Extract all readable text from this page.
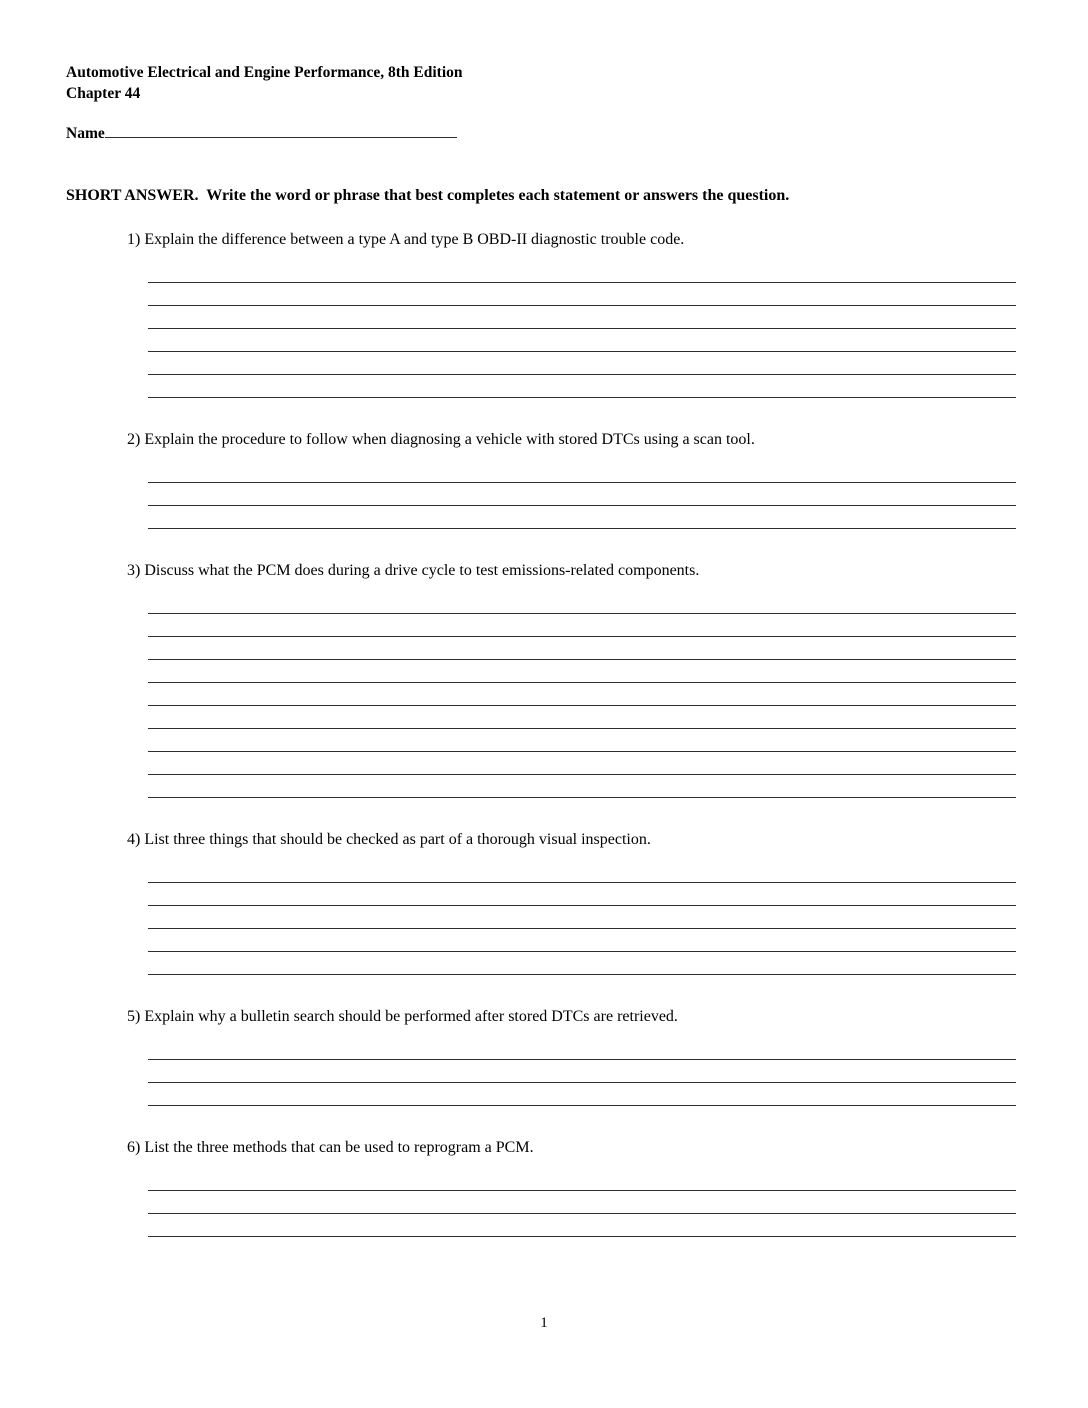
Automotive Electrical and Engine Performance, 8th Edition
Chapter 44
Name
SHORT ANSWER.  Write the word or phrase that best completes each statement or answers the question.
1) Explain the difference between a type A and type B OBD-II diagnostic trouble code.
2) Explain the procedure to follow when diagnosing a vehicle with stored DTCs using a scan tool.
3) Discuss what the PCM does during a drive cycle to test emissions-related components.
4) List three things that should be checked as part of a thorough visual inspection.
5) Explain why a bulletin search should be performed after stored DTCs are retrieved.
6) List the three methods that can be used to reprogram a PCM.
1
